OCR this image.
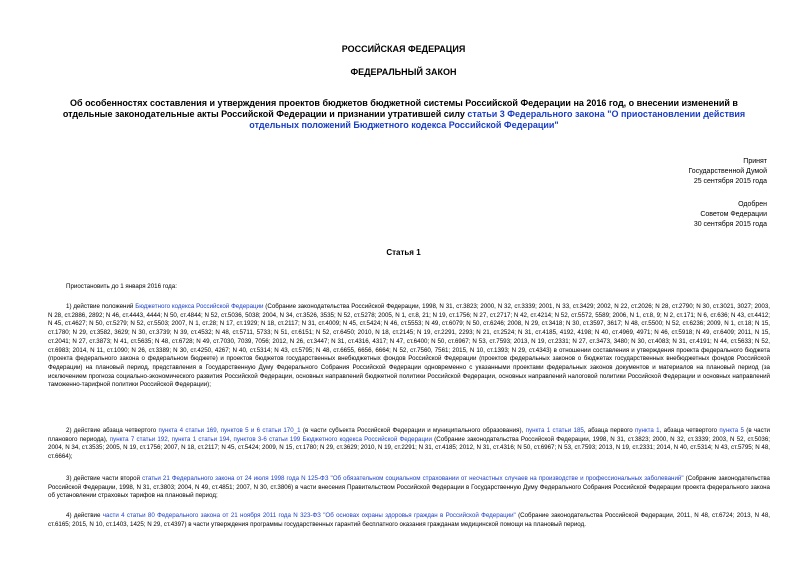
РОССИЙСКАЯ ФЕДЕРАЦИЯ
ФЕДЕРАЛЬНЫЙ ЗАКОН
Об особенностях составления и утверждения проектов бюджетов бюджетной системы Российской Федерации на 2016 год, о внесении изменений в отдельные законодательные акты Российской Федерации и признании утратившей силу статьи 3 Федерального закона "О приостановлении действия отдельных положений Бюджетного кодекса Российской Федерации"
Принят
Государственной Думой
25 сентября 2015 года
Одобрен
Советом Федерации
30 сентября 2015 года
Статья 1
Приостановить до 1 января 2016 года:
1) действие положений Бюджетного кодекса Российской Федерации (Собрание законодательства Российской Федерации, 1998, N 31, ст.3823; 2000, N 32, ст.3339; 2001, N 33, ст.3429; 2002, N 22, ст.2026; N 28, ст.2790; N 30, ст.3021, 3027; 2003, N 28, ст.2886, 2892; N 46, ст.4443, 4444; N 50, ст.4844; N 52, ст.5036, 5038; 2004, N 34, ст.3526, 3535; N 52, ст.5278; 2005, N 1, ст.8, 21; N 19, ст.1756; N 27, ст.2717; N 42, ст.4214; N 52, ст.5572, 5589; 2006, N 1, ст.8, 9; N 2, ст.171; N 6, ст.636; N 43, ст.4412; N 45, ст.4627; N 50, ст.5279; N 52, ст.5503; 2007, N 1, ст.28; N 17, ст.1929; N 18, ст.2117; N 31, ст.4009; N 45, ст.5424; N 46, ст.5553; N 49, ст.6079; N 50, ст.6246; 2008, N 29, ст.3418; N 30, ст.3597, 3617; N 48, ст.5500; N 52, ст.6236; 2009, N 1, ст.18; N 15, ст.1780; N 29, ст.3582, 3629; N 30, ст.3739; N 39, ст.4532; N 48, ст.5711, 5733; N 51, ст.6151; N 52, ст.6450; 2010, N 18, ст.2145; N 19, ст.2291, 2293; N 21, ст.2524; N 31, ст.4185, 4192, 4198; N 40, ст.4969, 4971; N 46, ст.5918; N 49, ст.6409; 2011, N 15, ст.2041; N 27, ст.3873; N 41, ст.5635; N 48, ст.6728; N 49, ст.7030, 7039, 7056; 2012, N 26, ст.3447; N 31, ст.4316, 4317; N 47, ст.6400; N 50, ст.6967; N 53, ст.7593; 2013, N 19, ст.2331; N 27, ст.3473, 3480; N 30, ст.4083; N 31, ст.4191; N 44, ст.5633; N 52, ст.6983; 2014, N 11, ст.1090; N 26, ст.3389; N 30, ст.4250, 4267; N 40, ст.5314; N 43, ст.5795; N 48, ст.6655, 6656, 6664; N 52, ст.7560, 7561; 2015, N 10, ст.1393; N 29, ст.4343) в отношении составления и утверждения проекта федерального бюджета (проекта федерального закона о федеральном бюджете) и проектов бюджетов государственных внебюджетных фондов Российской Федерации (проектов федеральных законов о бюджетах государственных внебюджетных фондов Российской Федерации) на плановый период, представления в Государственную Думу Федерального Собрания Российской Федерации одновременно с указанными проектами федеральных законов документов и материалов на плановый период (за исключением прогноза социально-экономического развития Российской Федерации, основных направлений бюджетной политики Российской Федерации, основных направлений налоговой политики Российской Федерации и основных направлений таможенно-тарифной политики Российской Федерации);
2) действие абзаца четвертого пункта 4 статьи 169, пунктов 5 и 6 статьи 170_1 (в части субъекта Российской Федерации и муниципального образования), пункта 1 статьи 185, абзаца первого пункта 1, абзаца четвертого пункта 5 (в части планового периода), пункта 7 статьи 192, пункта 1 статьи 194, пунктов 3-6 статьи 199 Бюджетного кодекса Российской Федерации (Собрание законодательства Российской Федерации, 1998, N 31, ст.3823; 2000, N 32, ст.3339; 2003, N 52, ст.5036; 2004, N 34, ст.3535; 2005, N 19, ст.1756; 2007, N 18, ст.2117; N 45, ст.5424; 2009, N 15, ст.1780; N 29, ст.3629; 2010, N 19, ст.2291; N 31, ст.4185; 2012, N 31, ст.4316; N 50, ст.6967; N 53, ст.7593; 2013, N 19, ст.2331; 2014, N 40, ст.5314; N 43, ст.5795; N 48, ст.6664);
3) действие части второй статьи 21 Федерального закона от 24 июля 1998 года N 125-ФЗ "Об обязательном социальном страховании от несчастных случаев на производстве и профессиональных заболеваний" (Собрание законодательства Российской Федерации, 1998, N 31, ст.3803; 2004, N 49, ст.4851; 2007, N 30, ст.3806) в части внесения Правительством Российской Федерации в Государственную Думу Федерального Собрания Российской Федерации проекта федерального закона об установлении страховых тарифов на плановый период;
4) действие части 4 статьи 80 Федерального закона от 21 ноября 2011 года N 323-ФЗ "Об основах охраны здоровья граждан в Российской Федерации" (Собрание законодательства Российской Федерации, 2011, N 48, ст.6724; 2013, N 48, ст.6165; 2015, N 10, ст.1403, 1425; N 29, ст.4397) в части утверждения программы государственных гарантий бесплатного оказания гражданам медицинской помощи на плановый период.
